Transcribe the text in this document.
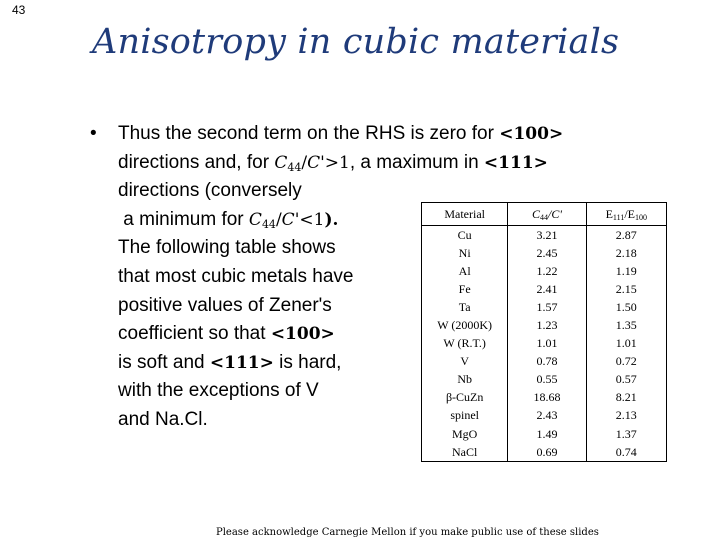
43
Anisotropy in cubic materials
• Thus the second term on the RHS is zero for <100>
directions and, for $C_{44}/C'>1$, a maximum in <111>
directions (conversely
a minimum for $C_{44}/C'<1$).
The following table shows
that most cubic metals have
positive values of Zener's
coefficient so that <100>
is soft and <111> is hard,
with the exceptions of V
and Na.Cl.
Material	C44/C'	E111/E100
Cu	3.21	2.87
Ni	2.45	2.18
Al	1.22	1.19
Fe	2.41	2.15
Ta	1.57	1.50
W (2000K)	1.23	1.35
W (R.T.)	1.01	1.01
V	0.78	0.72
Nb	0.55	0.57
β-CuZn	18.68	8.21
spinel	2.43	2.13
MgO	1.49	1.37
NaCl	0.69	0.74
Please acknowledge Carnegie Mellon if you make public use of these slides
